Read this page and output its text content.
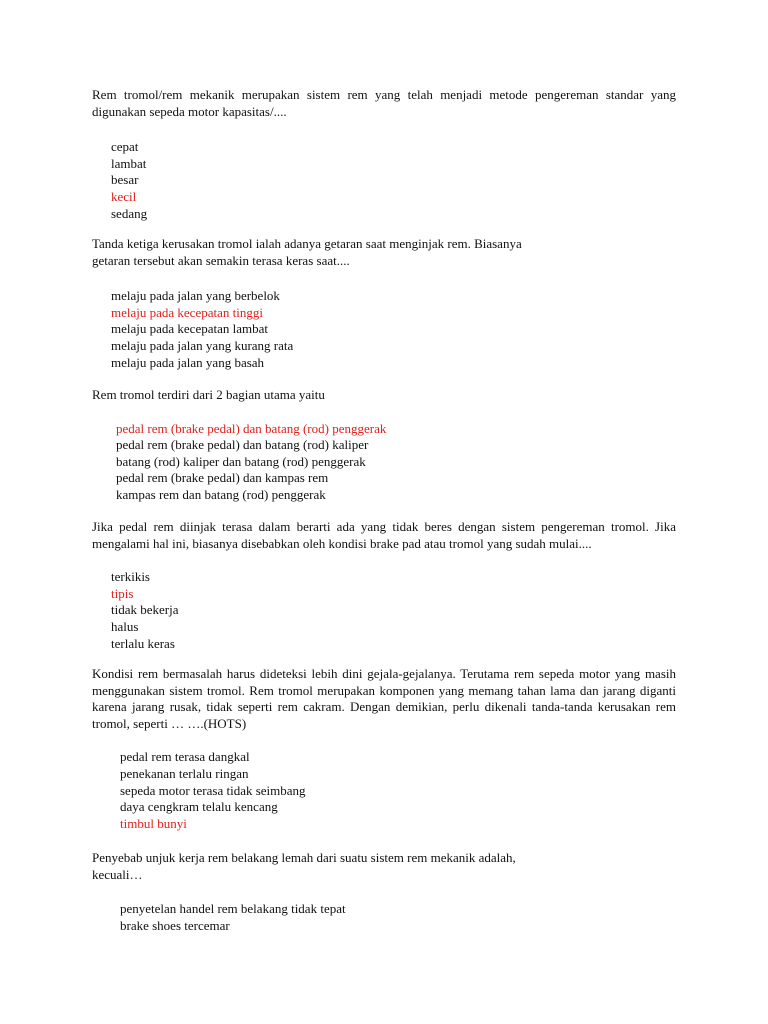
Rem tromol/rem mekanik merupakan sistem rem yang telah menjadi metode pengereman standar yang digunakan sepeda motor kapasitas/....

cepat
lambat
besar
kecil
sedang

Tanda ketiga kerusakan tromol ialah adanya getaran saat menginjak rem. Biasanya
getaran tersebut akan semakin terasa keras saat....

melaju pada jalan yang berbelok
melaju pada kecepatan tinggi
melaju pada kecepatan lambat
melaju pada jalan yang kurang rata
melaju pada jalan yang basah

Rem tromol terdiri dari 2 bagian utama yaitu

pedal rem (brake pedal) dan batang (rod) penggerak
pedal rem (brake pedal) dan batang (rod) kaliper
batang (rod) kaliper dan batang (rod) penggerak
pedal rem (brake pedal) dan kampas rem
kampas rem dan batang (rod) penggerak

Jika pedal rem diinjak terasa dalam berarti ada yang tidak beres dengan sistem pengereman tromol. Jika mengalami hal ini, biasanya disebabkan oleh kondisi brake pad atau tromol yang sudah mulai....

terkikis
tipis
tidak bekerja
halus
terlalu keras

Kondisi rem bermasalah harus dideteksi lebih dini gejala-gejalanya. Terutama rem sepeda motor yang masih menggunakan sistem tromol. Rem tromol merupakan komponen yang memang tahan lama dan jarang diganti karena jarang rusak, tidak seperti rem cakram. Dengan demikian, perlu dikenali tanda-tanda kerusakan rem tromol, seperti … ….(HOTS)

pedal rem terasa dangkal
penekanan terlalu ringan
sepeda motor terasa tidak seimbang
daya cengkram telalu kencang
timbul bunyi

Penyebab unjuk kerja rem belakang lemah dari suatu sistem rem mekanik adalah,
kecuali…

penyetelan handel rem belakang tidak tepat
brake shoes tercemar
